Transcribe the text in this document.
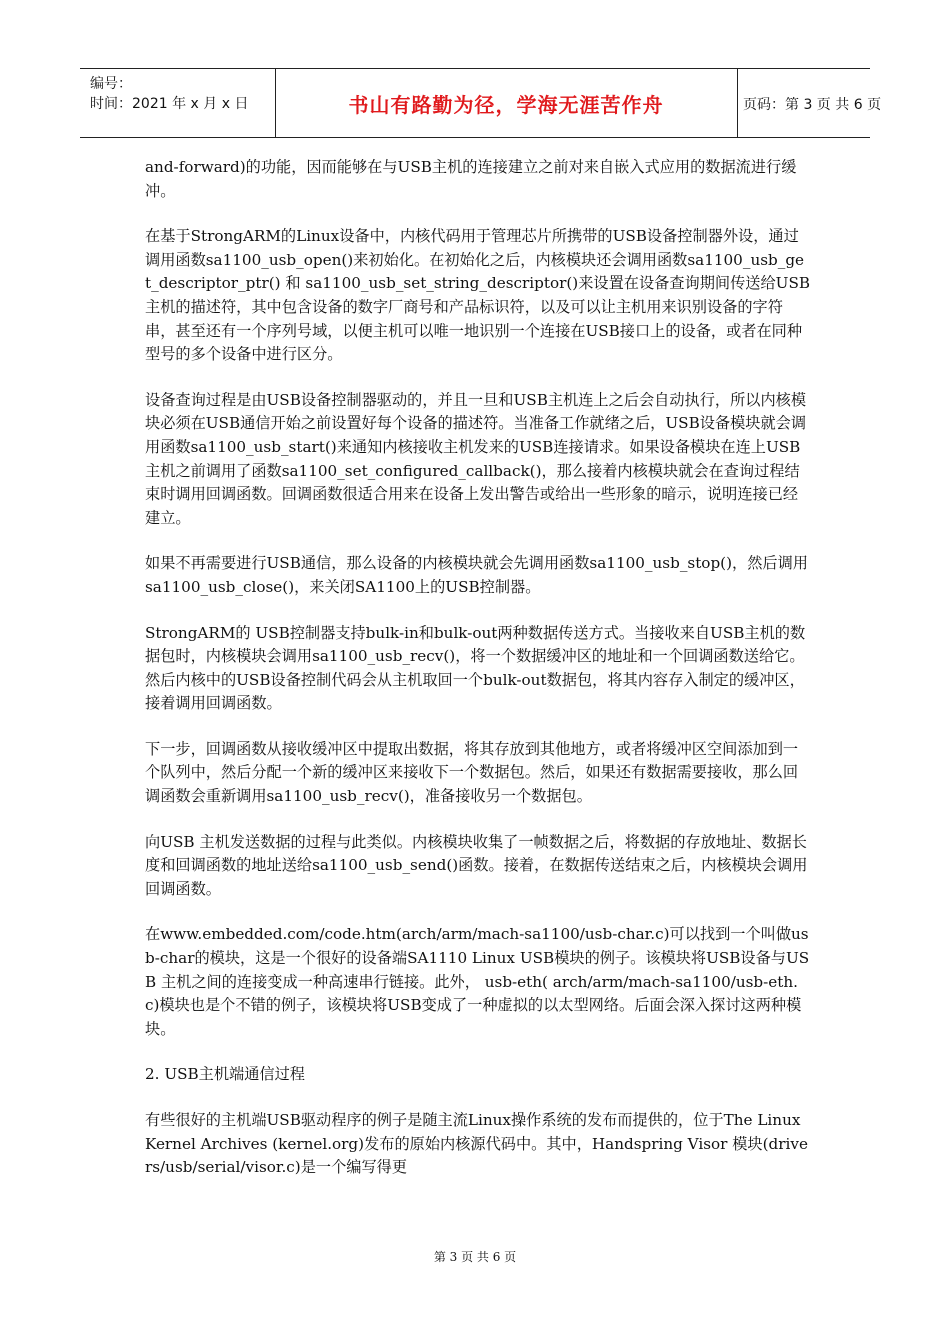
编号：
时间：2021 年 x 月 x 日	书山有路勤为径，学海无涯苦作舟	页码：第 3 页 共 6 页

and-forward)的功能，因而能够在与USB主机的连接建立之前对来自嵌入式应用的数据流进行缓冲。

在基于StrongARM的Linux设备中，内核代码用于管理芯片所携带的USB设备控制器外设，通过调用函数sa1100_usb_open()来初始化。在初始化之后，内核模块还会调用函数sa1100_usb_get_descriptor_ptr() 和 sa1100_usb_set_string_descriptor()来设置在设备查询期间传送给USB主机的描述符，其中包含设备的数字厂商号和产品标识符，以及可以让主机用来识别设备的字符串，甚至还有一个序列号域，以便主机可以唯一地识别一个连接在USB接口上的设备，或者在同种型号的多个设备中进行区分。

设备查询过程是由USB设备控制器驱动的，并且一旦和USB主机连上之后会自动执行，所以内核模块必须在USB通信开始之前设置好每个设备的描述符。当准备工作就绪之后，USB设备模块就会调用函数sa1100_usb_start()来通知内核接收主机发来的USB连接请求。如果设备模块在连上USB 主机之前调用了函数sa1100_set_configured_callback()，那么接着内核模块就会在查询过程结束时调用回调函数。回调函数很适合用来在设备上发出警告或给出一些形象的暗示，说明连接已经建立。

如果不再需要进行USB通信，那么设备的内核模块就会先调用函数sa1100_usb_stop()，然后调用sa1100_usb_close()，来关闭SA1100上的USB控制器。

StrongARM的 USB控制器支持bulk-in和bulk-out两种数据传送方式。当接收来自USB主机的数据包时，内核模块会调用sa1100_usb_recv()，将一个数据缓冲区的地址和一个回调函数送给它。然后内核中的USB设备控制代码会从主机取回一个bulk-out数据包，将其内容存入制定的缓冲区，接着调用回调函数。

下一步，回调函数从接收缓冲区中提取出数据，将其存放到其他地方，或者将缓冲区空间添加到一个队列中，然后分配一个新的缓冲区来接收下一个数据包。然后，如果还有数据需要接收，那么回调函数会重新调用sa1100_usb_recv()，准备接收另一个数据包。

向USB 主机发送数据的过程与此类似。内核模块收集了一帧数据之后，将数据的存放地址、数据长度和回调函数的地址送给sa1100_usb_send()函数。接着，在数据传送结束之后，内核模块会调用回调函数。

在www.embedded.com/code.htm(arch/arm/mach-sa1100/usb-char.c)可以找到一个叫做usb-char的模块，这是一个很好的设备端SA1110 Linux USB模块的例子。该模块将USB设备与USB 主机之间的连接变成一种高速串行链接。此外， usb-eth( arch/arm/mach-sa1100/usb-eth.c)模块也是个不错的例子，该模块将USB变成了一种虚拟的以太型网络。后面会深入探讨这两种模块。

2. USB主机端通信过程

有些很好的主机端USB驱动程序的例子是随主流Linux操作系统的发布而提供的，位于The Linux Kernel Archives (kernel.org)发布的原始内核源代码中。其中，Handspring Visor 模块(drivers/usb/serial/visor.c)是一个编写得更

第 3 页 共 6 页
